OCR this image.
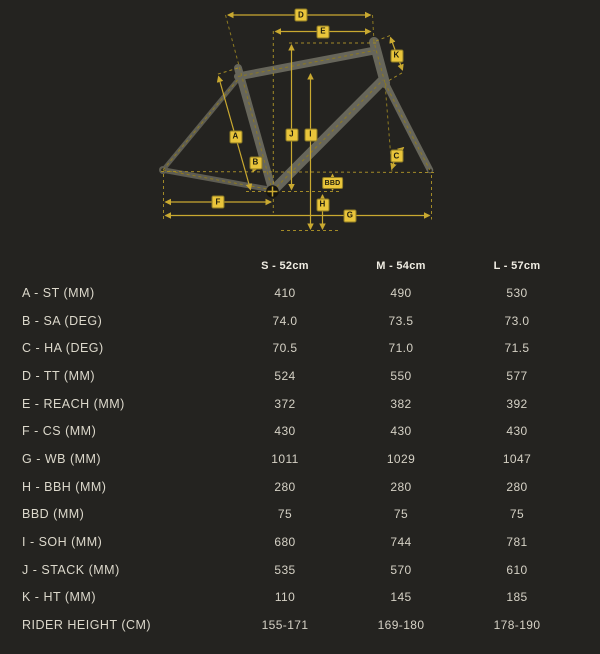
D
E
K
A
B
J	I
C
BBD
F	H
G
S - 52cm	M - 54cm	L - 57cm
A - ST (MM)	410	490	530
B - SA (DEG)	74.0	73.5	73.0
C - HA (DEG)	70.5	71.0	71.5
D - TT (MM)	524	550	577
E - REACH (MM)	372	382	392
F - CS (MM)	430	430	430
G - WB (MM)	1011	1029	1047
H - BBH (MM)	280	280	280
BBD (MM)	75	75	75
I - SOH (MM)	680	744	781
J - STACK (MM)	535	570	610
K - HT (MM)	110	145	185
RIDER HEIGHT (CM)	155-171	169-180	178-190
